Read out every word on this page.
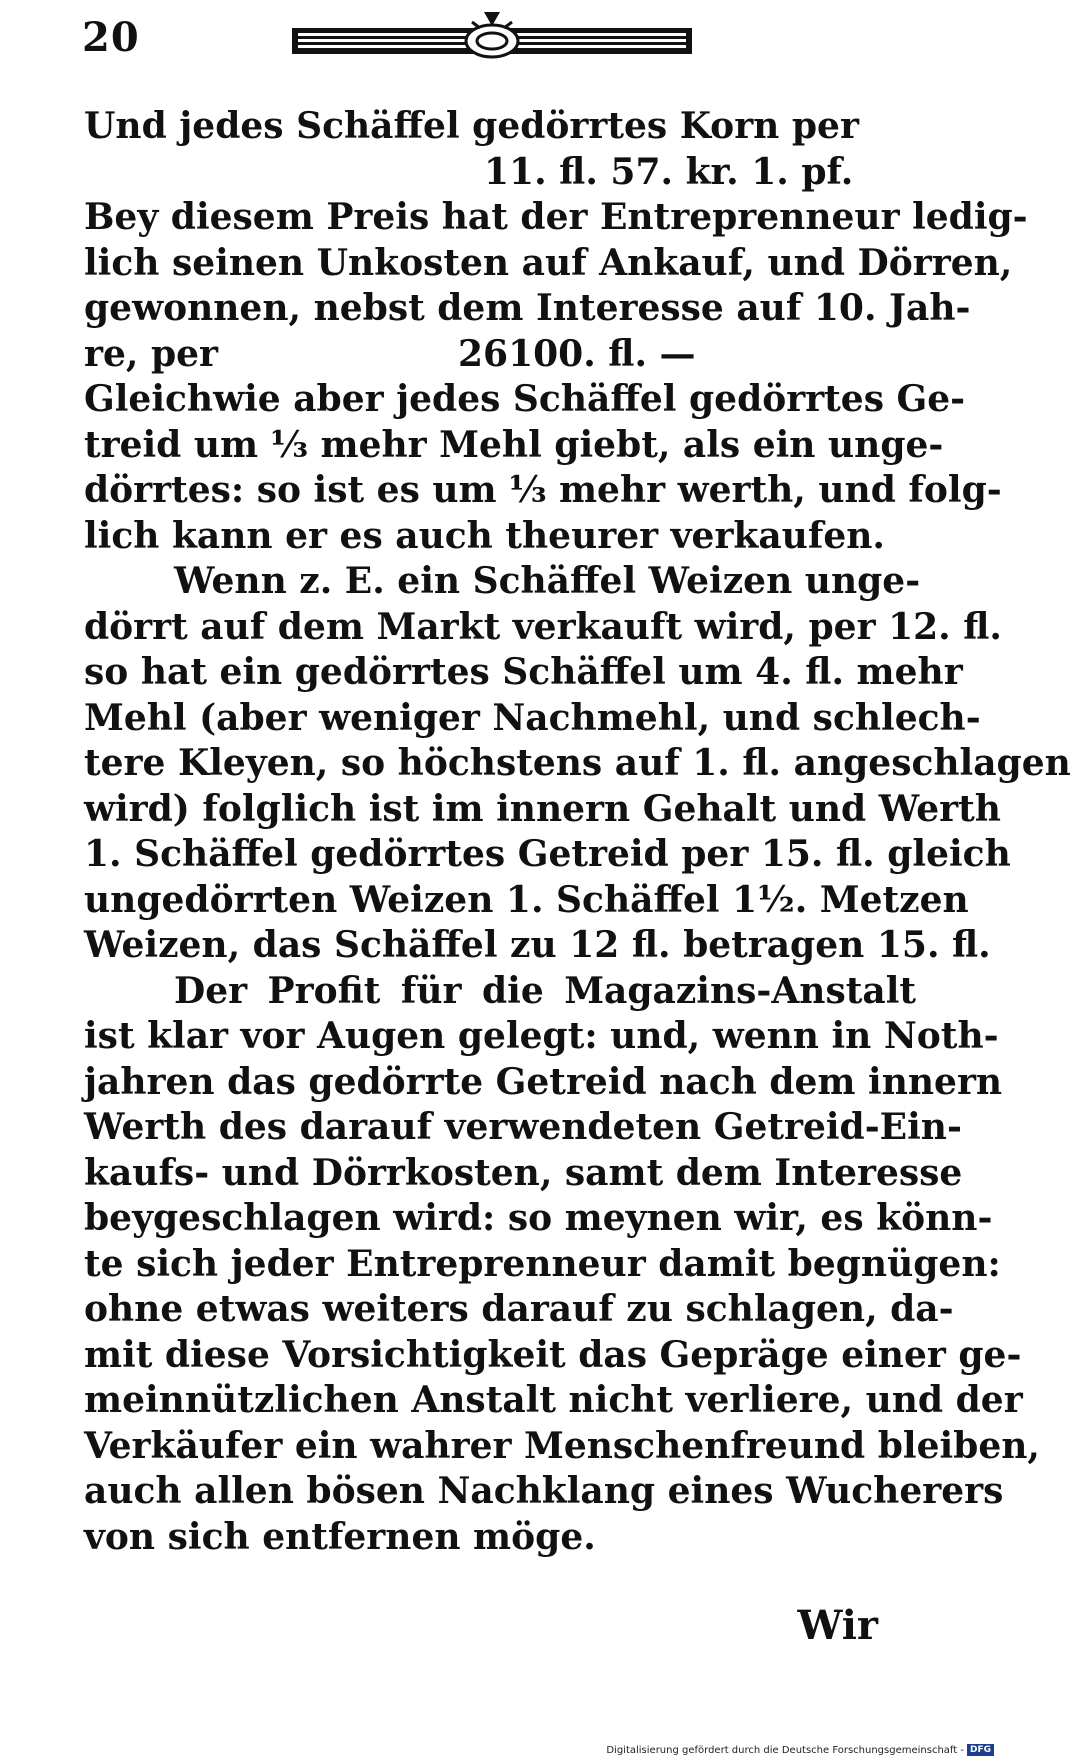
20
Und jedes Schäffel gedörrtes Korn per
11. fl. 57. kr. 1. pf.
Bey diesem Preis hat der Entreprenneur ledig-
lich seinen Unkosten auf Ankauf, und Dörren,
gewonnen, nebst dem Interesse auf 10. Jah-
re, per	26100. fl. —
Gleichwie aber jedes Schäffel gedörrtes Ge-
treid um ⅓ mehr Mehl giebt, als ein unge-
dörrtes: so ist es um ⅓ mehr werth, und folg-
lich kann er es auch theurer verkaufen.
Wenn z. E. ein Schäffel Weizen unge-
dörrt auf dem Markt verkauft wird, per 12. fl.
so hat ein gedörrtes Schäffel um 4. fl. mehr
Mehl (aber weniger Nachmehl, und schlech-
tere Kleyen, so höchstens auf 1. fl. angeschlagen
wird) folglich ist im innern Gehalt und Werth
1. Schäffel gedörrtes Getreid per 15. fl. gleich
ungedörrten Weizen 1. Schäffel 1½. Metzen
Weizen, das Schäffel zu 12 fl. betragen 15. fl.
Der Profit für die Magazins-Anstalt
ist klar vor Augen gelegt: und, wenn in Noth-
jahren das gedörrte Getreid nach dem innern
Werth des darauf verwendeten Getreid-Ein-
kaufs- und Dörrkosten, samt dem Interesse
beygeschlagen wird: so meynen wir, es könn-
te sich jeder Entreprenneur damit begnügen:
ohne etwas weiters darauf zu schlagen, da-
mit diese Vorsichtigkeit das Gepräge einer ge-
meinnützlichen Anstalt nicht verliere, und der
Verkäufer ein wahrer Menschenfreund bleiben,
auch allen bösen Nachklang eines Wucherers
von sich entfernen möge.
Wir
Digitalisierung gefördert durch die Deutsche Forschungsgemeinschaft - DFG
